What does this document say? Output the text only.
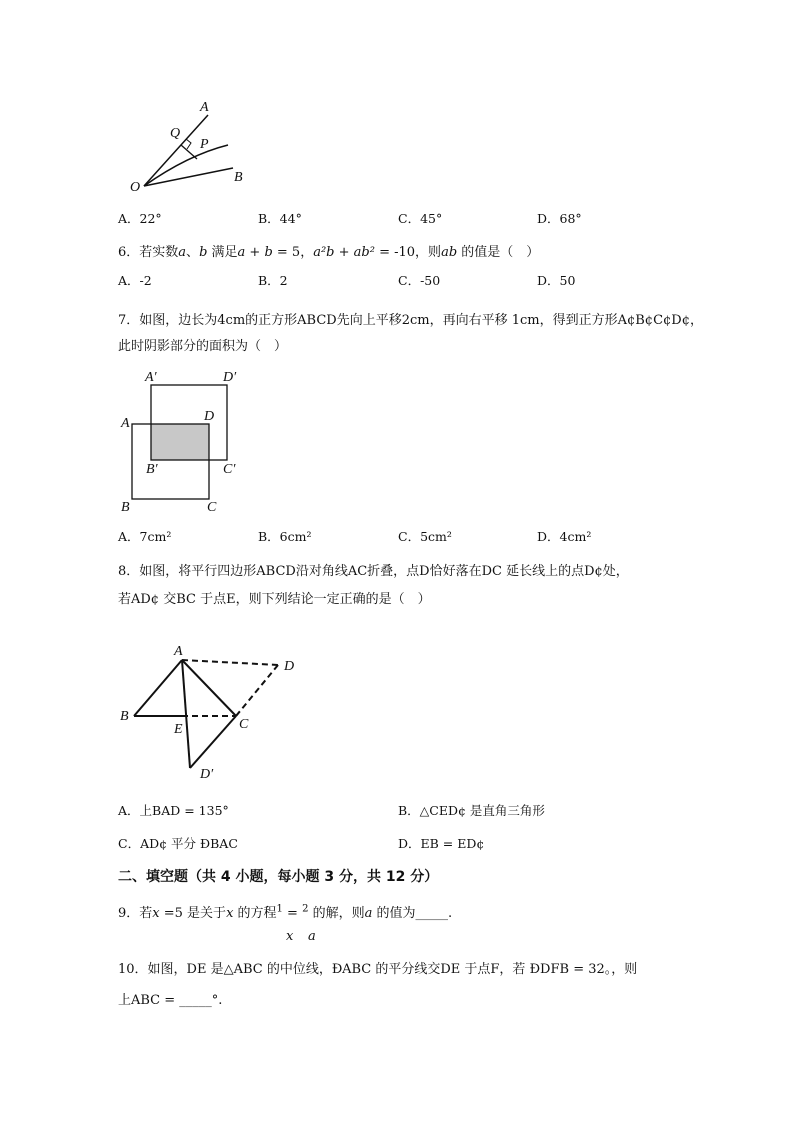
A
Q
P
O
B
A．22°	B．44°	C．45°	D．68°
6．若实数a、b 满足a + b = 5，a²b + ab² = -10，则ab 的值是（　）
A．-2	B．2	C．-50	D．50
7．如图，边长为4cm的正方形ABCD先向上平移2cm，再向右平移 1cm，得到正方形A¢B¢C¢D¢，
此时阴影部分的面积为（　）
A′	D′
A	D
B′	C′
B	C
A．7cm²	B．6cm²	C．5cm²	D．4cm²
8．如图，将平行四边形ABCD沿对角线AC折叠，点D恰好落在DC 延长线上的点D¢处，
若AD¢ 交BC 于点E，则下列结论一定正确的是（　）
A
D
B
E	C
D′
A．上BAD = 135°	B．△CED¢ 是直角三角形
C．AD¢ 平分 ÐBAC	D．EB = ED¢
二、填空题（共 4 小题，每小题 3 分，共 12 分）
9．若x =5 是关于x 的方程$^1$ = $^2$ 的解，则a 的值为_____.
x a
10．如图，DE 是△ABC 的中位线，ÐABC 的平分线交DE 于点F，若 ÐDFB = 32。，则
上ABC = _____°.
